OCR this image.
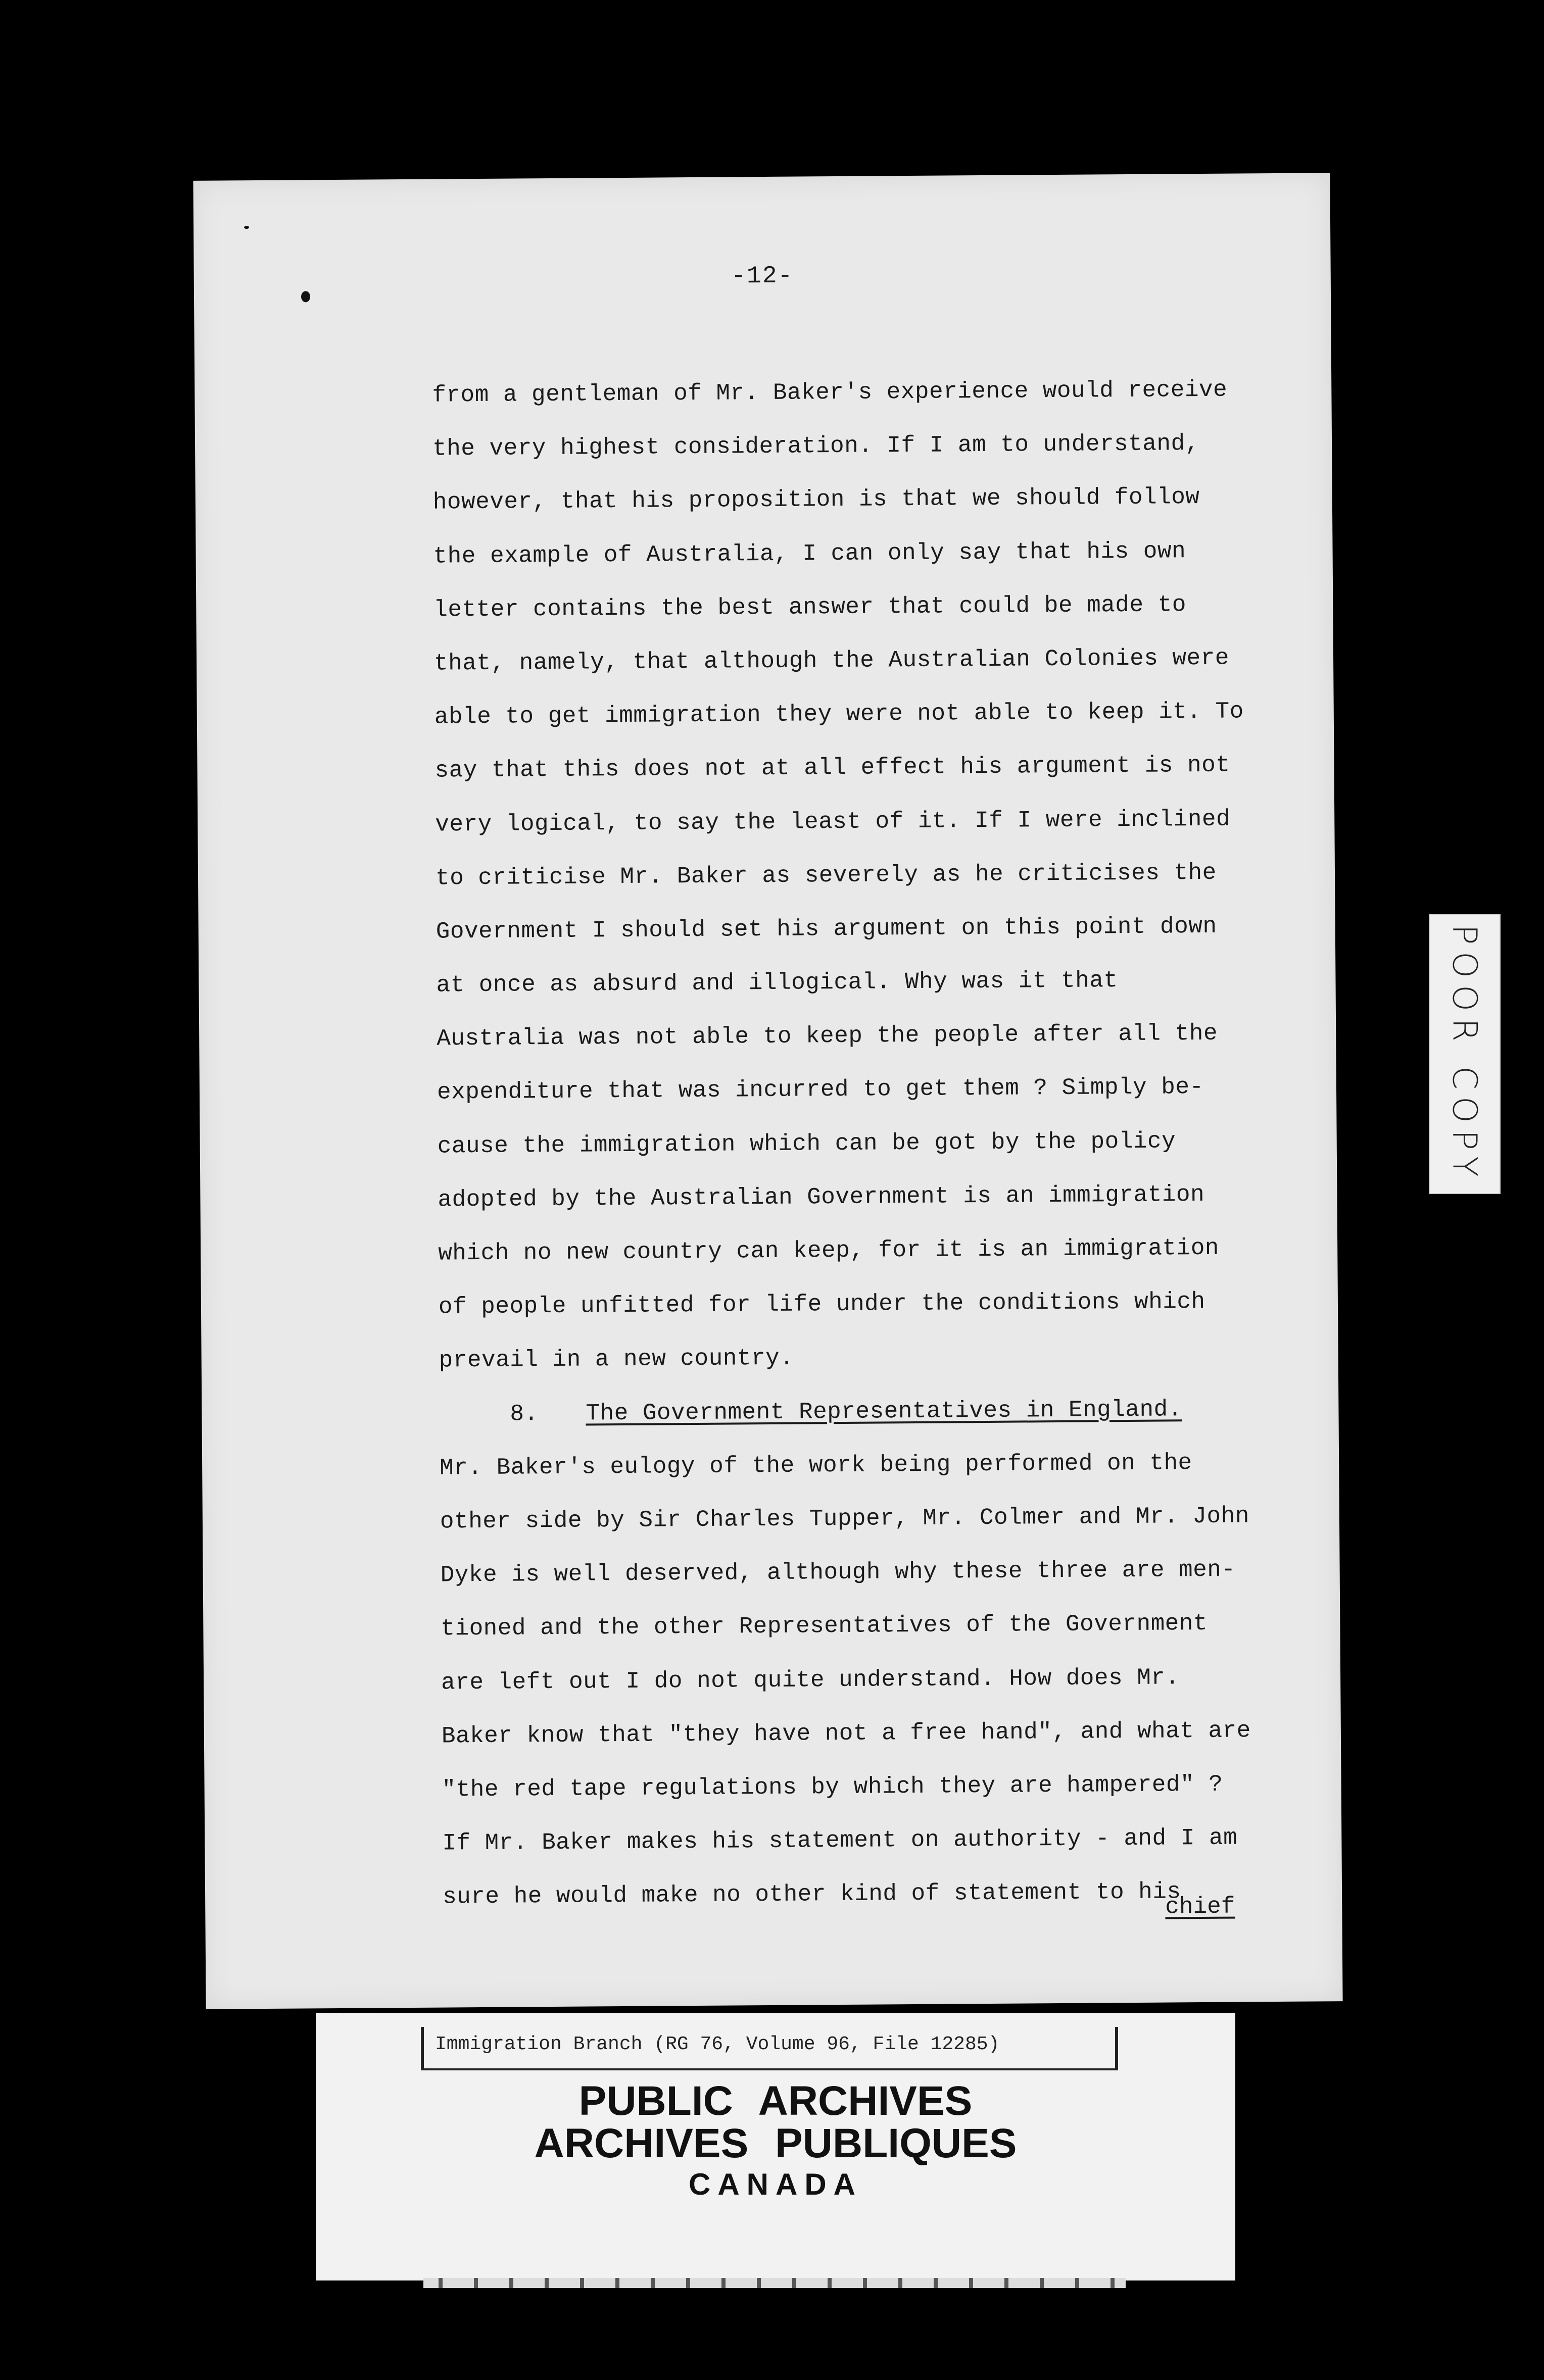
-12-
from a gentleman of Mr. Baker's experience would receive
the very highest consideration. If I am to understand,
however, that his proposition is that we should follow
the example of Australia, I can only say that his own
letter contains the best answer that could be made to
that, namely, that although the Australian Colonies were
able to get immigration they were not able to keep it. To
say that this does not at all effect his argument is not
very logical, to say the least of it. If I were inclined
to criticise Mr. Baker as severely as he criticises the
Government I should set his argument on this point down
at once as absurd and illogical. Why was it that
Australia was not able to keep the people after all the
expenditure that was incurred to get them ? Simply be-
cause the immigration which can be got by the policy
adopted by the Australian Government is an immigration
which no new country can keep, for it is an immigration
of people unfitted for life under the conditions which
prevail in a new country.
8. The Government Representatives in England.
Mr. Baker's eulogy of the work being performed on the
other side by Sir Charles Tupper, Mr. Colmer and Mr. John
Dyke is well deserved, although why these three are men-
tioned and the other Representatives of the Government
are left out I do not quite understand. How does Mr.
Baker know that "they have not a free hand", and what are
"the red tape regulations by which they are hampered" ?
If Mr. Baker makes his statement on authority - and I am
sure he would make no other kind of statement to his
chief
POOR COPY
Immigration Branch (RG 76, Volume 96, File 12285)
PUBLIC ARCHIVES
ARCHIVES PUBLIQUES
CANADA
